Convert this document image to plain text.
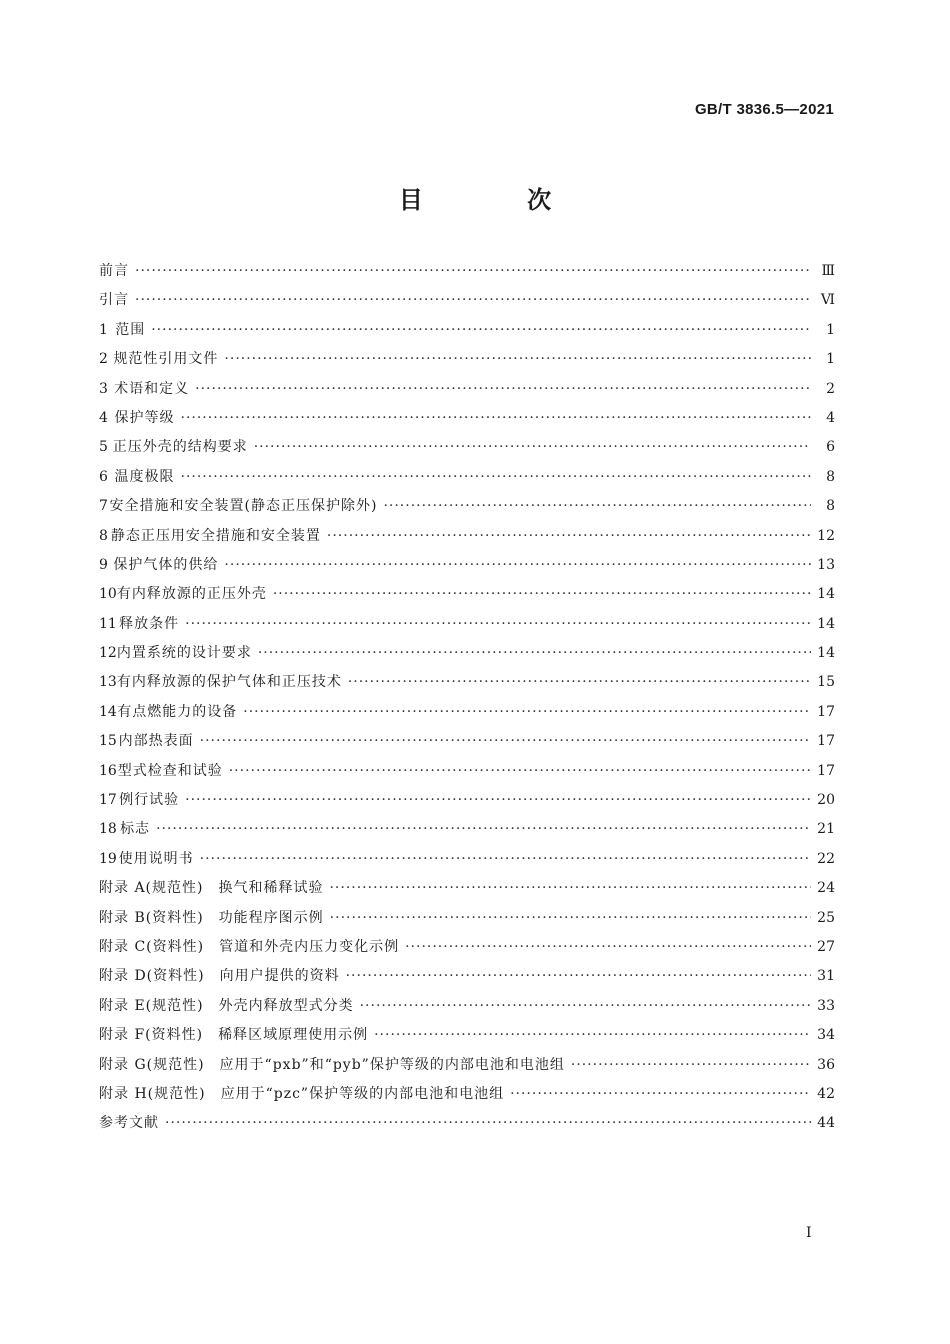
GB/T 3836.5—2021
目 次
前言 ·····	Ⅲ
引言 ·····	Ⅵ
1 范围 ·····	1
2 规范性引用文件 ·····	1
3 术语和定义 ·····	2
4 保护等级 ·····	4
5 正压外壳的结构要求 ·····	6
6 温度极限 ·····	8
7 安全措施和安全装置(静态正压保护除外) ·····	8
8 静态正压用安全措施和安全装置 ·····	12
9 保护气体的供给 ·····	13
10 有内释放源的正压外壳 ·····	14
11 释放条件 ·····	14
12 内置系统的设计要求 ·····	14
13 有内释放源的保护气体和正压技术 ·····	15
14 有点燃能力的设备 ·····	17
15 内部热表面 ·····	17
16 型式检查和试验 ·····	17
17 例行试验 ·····	20
18 标志 ·····	21
19 使用说明书 ·····	22
附录 A(规范性)　换气和稀释试验 ·····	24
附录 B(资料性)　功能程序图示例 ·····	25
附录 C(资料性)　管道和外壳内压力变化示例 ·····	27
附录 D(资料性)　向用户提供的资料 ·····	31
附录 E(规范性)　外壳内释放型式分类 ·····	33
附录 F(资料性)　稀释区域原理使用示例 ·····	34
附录 G(规范性)　应用于“pxb”和“pyb”保护等级的内部电池和电池组 ·····	36
附录 H(规范性)　应用于“pzc”保护等级的内部电池和电池组 ·····	42
参考文献 ·····	44
I
